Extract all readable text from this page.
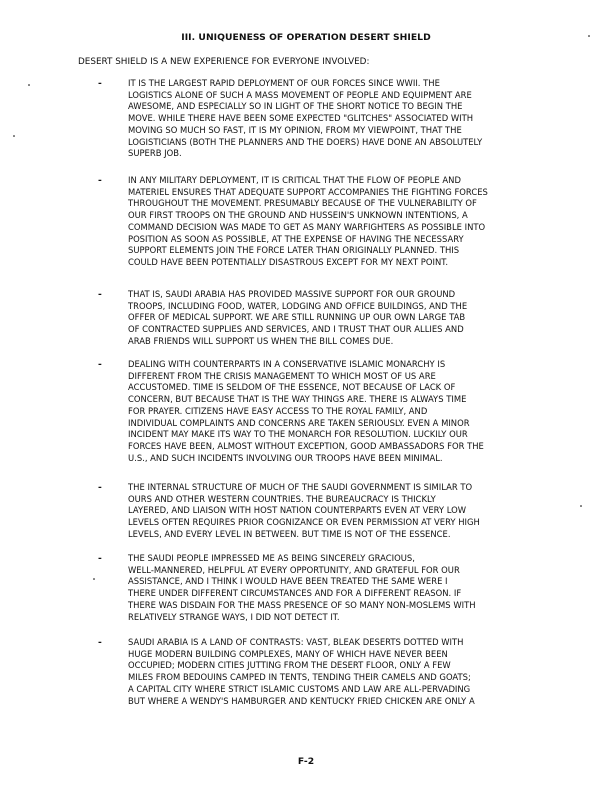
III. UNIQUENESS OF OPERATION DESERT SHIELD
DESERT SHIELD IS A NEW EXPERIENCE FOR EVERYONE INVOLVED:
-	IT IS THE LARGEST RAPID DEPLOYMENT OF OUR FORCES SINCE WWII. THE
LOGISTICS ALONE OF SUCH A MASS MOVEMENT OF PEOPLE AND EQUIPMENT ARE
AWESOME, AND ESPECIALLY SO IN LIGHT OF THE SHORT NOTICE TO BEGIN THE
MOVE. WHILE THERE HAVE BEEN SOME EXPECTED "GLITCHES" ASSOCIATED WITH
MOVING SO MUCH SO FAST, IT IS MY OPINION, FROM MY VIEWPOINT, THAT THE
LOGISTICIANS (BOTH THE PLANNERS AND THE DOERS) HAVE DONE AN ABSOLUTELY
SUPERB JOB.
-	IN ANY MILITARY DEPLOYMENT, IT IS CRITICAL THAT THE FLOW OF PEOPLE AND
MATERIEL ENSURES THAT ADEQUATE SUPPORT ACCOMPANIES THE FIGHTING FORCES
THROUGHOUT THE MOVEMENT. PRESUMABLY BECAUSE OF THE VULNERABILITY OF
OUR FIRST TROOPS ON THE GROUND AND HUSSEIN'S UNKNOWN INTENTIONS, A
COMMAND DECISION WAS MADE TO GET AS MANY WARFIGHTERS AS POSSIBLE INTO
POSITION AS SOON AS POSSIBLE, AT THE EXPENSE OF HAVING THE NECESSARY
SUPPORT ELEMENTS JOIN THE FORCE LATER THAN ORIGINALLY PLANNED. THIS
COULD HAVE BEEN POTENTIALLY DISASTROUS EXCEPT FOR MY NEXT POINT.
-	THAT IS, SAUDI ARABIA HAS PROVIDED MASSIVE SUPPORT FOR OUR GROUND
TROOPS, INCLUDING FOOD, WATER, LODGING AND OFFICE BUILDINGS, AND THE
OFFER OF MEDICAL SUPPORT. WE ARE STILL RUNNING UP OUR OWN LARGE TAB
OF CONTRACTED SUPPLIES AND SERVICES, AND I TRUST THAT OUR ALLIES AND
ARAB FRIENDS WILL SUPPORT US WHEN THE BILL COMES DUE.
-	DEALING WITH COUNTERPARTS IN A CONSERVATIVE ISLAMIC MONARCHY IS
DIFFERENT FROM THE CRISIS MANAGEMENT TO WHICH MOST OF US ARE
ACCUSTOMED. TIME IS SELDOM OF THE ESSENCE, NOT BECAUSE OF LACK OF
CONCERN, BUT BECAUSE THAT IS THE WAY THINGS ARE. THERE IS ALWAYS TIME
FOR PRAYER. CITIZENS HAVE EASY ACCESS TO THE ROYAL FAMILY, AND
INDIVIDUAL COMPLAINTS AND CONCERNS ARE TAKEN SERIOUSLY. EVEN A MINOR
INCIDENT MAY MAKE ITS WAY TO THE MONARCH FOR RESOLUTION. LUCKILY OUR
FORCES HAVE BEEN, ALMOST WITHOUT EXCEPTION, GOOD AMBASSADORS FOR THE
U.S., AND SUCH INCIDENTS INVOLVING OUR TROOPS HAVE BEEN MINIMAL.
-	THE INTERNAL STRUCTURE OF MUCH OF THE SAUDI GOVERNMENT IS SIMILAR TO
OURS AND OTHER WESTERN COUNTRIES. THE BUREAUCRACY IS THICKLY
LAYERED, AND LIAISON WITH HOST NATION COUNTERPARTS EVEN AT VERY LOW
LEVELS OFTEN REQUIRES PRIOR COGNIZANCE OR EVEN PERMISSION AT VERY HIGH
LEVELS, AND EVERY LEVEL IN BETWEEN. BUT TIME IS NOT OF THE ESSENCE.
-	THE SAUDI PEOPLE IMPRESSED ME AS BEING SINCERELY GRACIOUS,
WELL-MANNERED, HELPFUL AT EVERY OPPORTUNITY, AND GRATEFUL FOR OUR
ASSISTANCE, AND I THINK I WOULD HAVE BEEN TREATED THE SAME WERE I
THERE UNDER DIFFERENT CIRCUMSTANCES AND FOR A DIFFERENT REASON. IF
THERE WAS DISDAIN FOR THE MASS PRESENCE OF SO MANY NON-MOSLEMS WITH
RELATIVELY STRANGE WAYS, I DID NOT DETECT IT.
-	SAUDI ARABIA IS A LAND OF CONTRASTS: VAST, BLEAK DESERTS DOTTED WITH
HUGE MODERN BUILDING COMPLEXES, MANY OF WHICH HAVE NEVER BEEN
OCCUPIED; MODERN CITIES JUTTING FROM THE DESERT FLOOR, ONLY A FEW
MILES FROM BEDOUINS CAMPED IN TENTS, TENDING THEIR CAMELS AND GOATS;
A CAPITAL CITY WHERE STRICT ISLAMIC CUSTOMS AND LAW ARE ALL-PERVADING
BUT WHERE A WENDY'S HAMBURGER AND KENTUCKY FRIED CHICKEN ARE ONLY A
F-2
